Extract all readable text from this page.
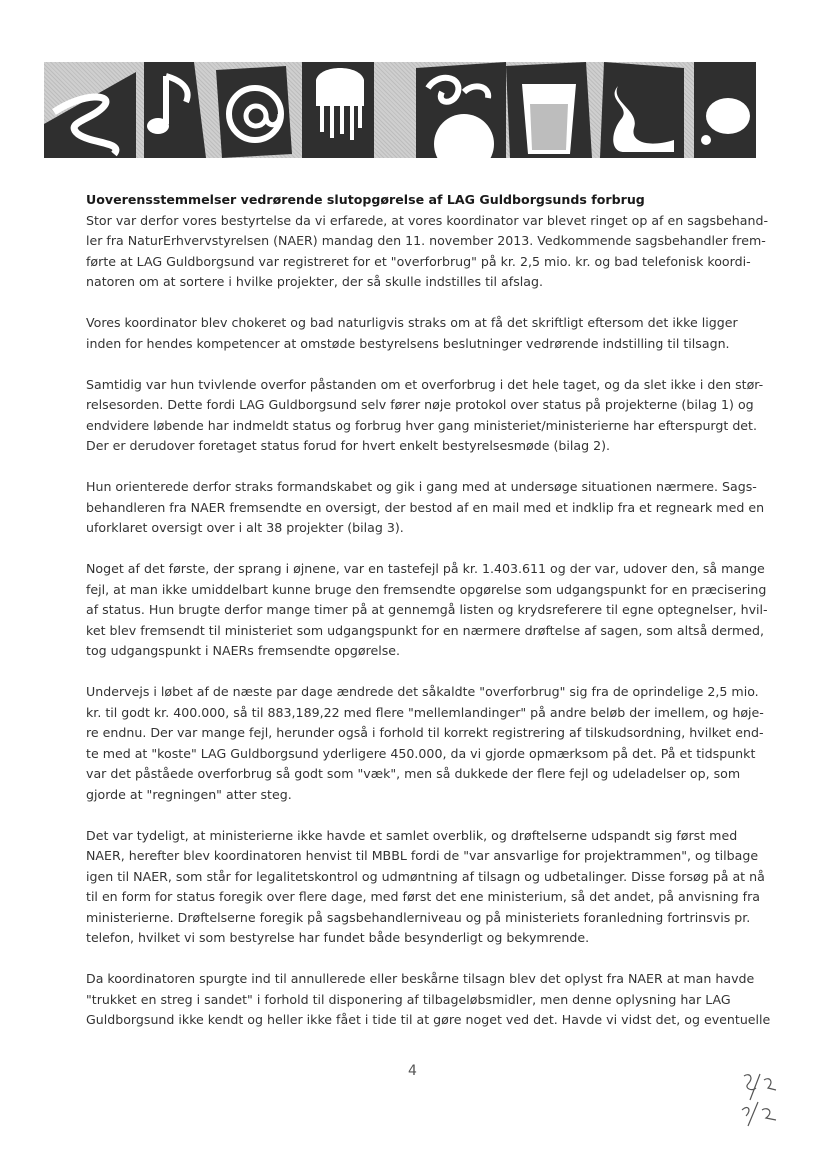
Uoverensstemmelser vedrørende slutopgørelse af LAG Guldborgsunds forbrug
Stor var derfor vores bestyrtelse da vi erfarede, at vores koordinator var blevet ringet op af en sagsbehand-
ler fra NaturErhvervstyrelsen (NAER) mandag den 11. november 2013. Vedkommende sagsbehandler frem-
førte at LAG Guldborgsund var registreret for et "overforbrug" på kr. 2,5 mio. kr. og bad telefonisk koordi-
natoren om at sortere i hvilke projekter, der så skulle indstilles til afslag.
Vores koordinator blev chokeret og bad naturligvis straks om at få det skriftligt eftersom det ikke ligger
inden for hendes kompetencer at omstøde bestyrelsens beslutninger vedrørende indstilling til tilsagn.
Samtidig var hun tvivlende overfor påstanden om et overforbrug i det hele taget, og da slet ikke i den stør-
relsesorden. Dette fordi LAG Guldborgsund selv fører nøje protokol over status på projekterne (bilag 1) og
endvidere løbende har indmeldt status og forbrug hver gang ministeriet/ministerierne har efterspurgt det.
Der er derudover foretaget status forud for hvert enkelt bestyrelsesmøde (bilag 2).
Hun orienterede derfor straks formandskabet og gik i gang med at undersøge situationen nærmere. Sags-
behandleren fra NAER fremsendte en oversigt, der bestod af en mail med et indklip fra et regneark med en
uforklaret oversigt over i alt 38 projekter (bilag 3).
Noget af det første, der sprang i øjnene, var en tastefejl på kr. 1.403.611 og der var, udover den, så mange
fejl, at man ikke umiddelbart kunne bruge den fremsendte opgørelse som udgangspunkt for en præcisering
af status. Hun brugte derfor mange timer på at gennemgå listen og krydsreferere til egne optegnelser, hvil-
ket blev fremsendt til ministeriet som udgangspunkt for en nærmere drøftelse af sagen, som altså dermed,
tog udgangspunkt i NAERs fremsendte opgørelse.
Undervejs i løbet af de næste par dage ændrede det såkaldte "overforbrug" sig fra de oprindelige 2,5 mio.
kr. til godt kr. 400.000, så til 883,189,22 med flere "mellemlandinger" på andre beløb der imellem, og høje-
re endnu. Der var mange fejl, herunder også i forhold til korrekt registrering af tilskudsordning, hvilket end-
te med at "koste" LAG Guldborgsund yderligere 450.000, da vi gjorde opmærksom på det. På et tidspunkt
var det påståede overforbrug så godt som "væk", men så dukkede der flere fejl og udeladelser op, som
gjorde at "regningen" atter steg.
Det var tydeligt, at ministerierne ikke havde et samlet overblik, og drøftelserne udspandt sig først med
NAER, herefter blev koordinatoren henvist til MBBL fordi de "var ansvarlige for projektrammen", og tilbage
igen til NAER, som står for legalitetskontrol og udmøntning af tilsagn og udbetalinger. Disse forsøg på at nå
til en form for status foregik over flere dage, med først det ene ministerium, så det andet, på anvisning fra
ministerierne. Drøftelserne foregik på sagsbehandlerniveau og på ministeriets foranledning fortrinsvis pr.
telefon, hvilket vi som bestyrelse har fundet både besynderligt og bekymrende.
Da koordinatoren spurgte ind til annullerede eller beskårne tilsagn blev det oplyst fra NAER at man havde
"trukket en streg i sandet" i forhold til disponering af tilbageløbsmidler, men denne oplysning har LAG
Guldborgsund ikke kendt og heller ikke fået i tide til at gøre noget ved det. Havde vi vidst det, og eventuelle
4
